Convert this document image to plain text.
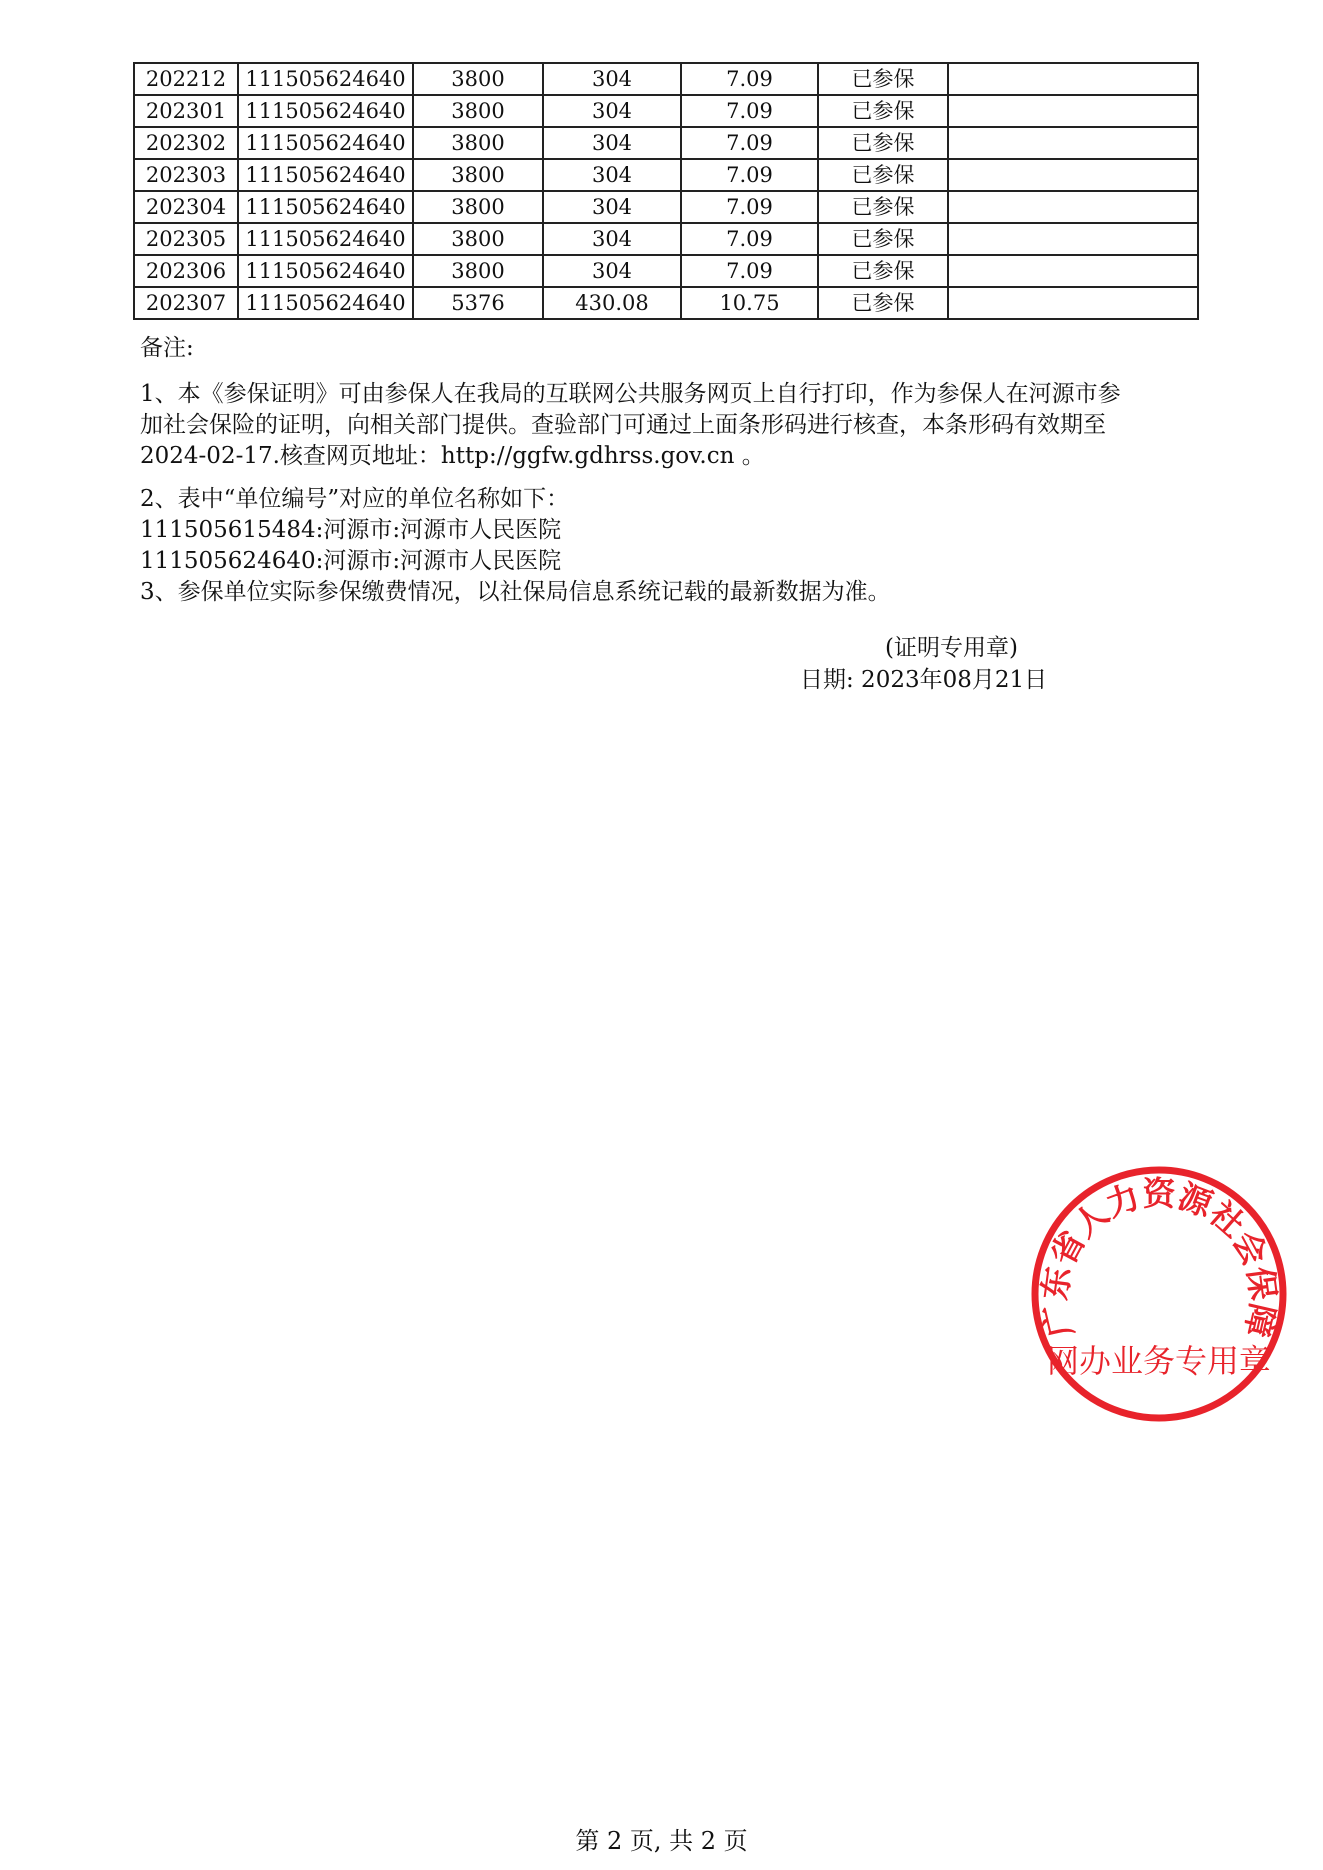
202212	111505624640	3800	304	7.09	已参保	
202301	111505624640	3800	304	7.09	已参保	
202302	111505624640	3800	304	7.09	已参保	
202303	111505624640	3800	304	7.09	已参保	
202304	111505624640	3800	304	7.09	已参保	
202305	111505624640	3800	304	7.09	已参保	
202306	111505624640	3800	304	7.09	已参保	
202307	111505624640	5376	430.08	10.75	已参保	
备注:

1、本《参保证明》可由参保人在我局的互联网公共服务网页上自行打印，作为参保人在河源市参

加社会保险的证明，向相关部门提供。查验部门可通过上面条形码进行核查，本条形码有效期至

2024-02-17.核查网页地址：http://ggfw.gdhrss.gov.cn 。

2、表中“单位编号”对应的单位名称如下：

111505615484:河源市:河源市人民医院

111505624640:河源市:河源市人民医院

3、参保单位实际参保缴费情况，以社保局信息系统记载的最新数据为准。

(证明专用章)
日期: 2023年08月21日
广东省人力资源社会保障
网办业务专用章
第 2 页, 共 2 页
